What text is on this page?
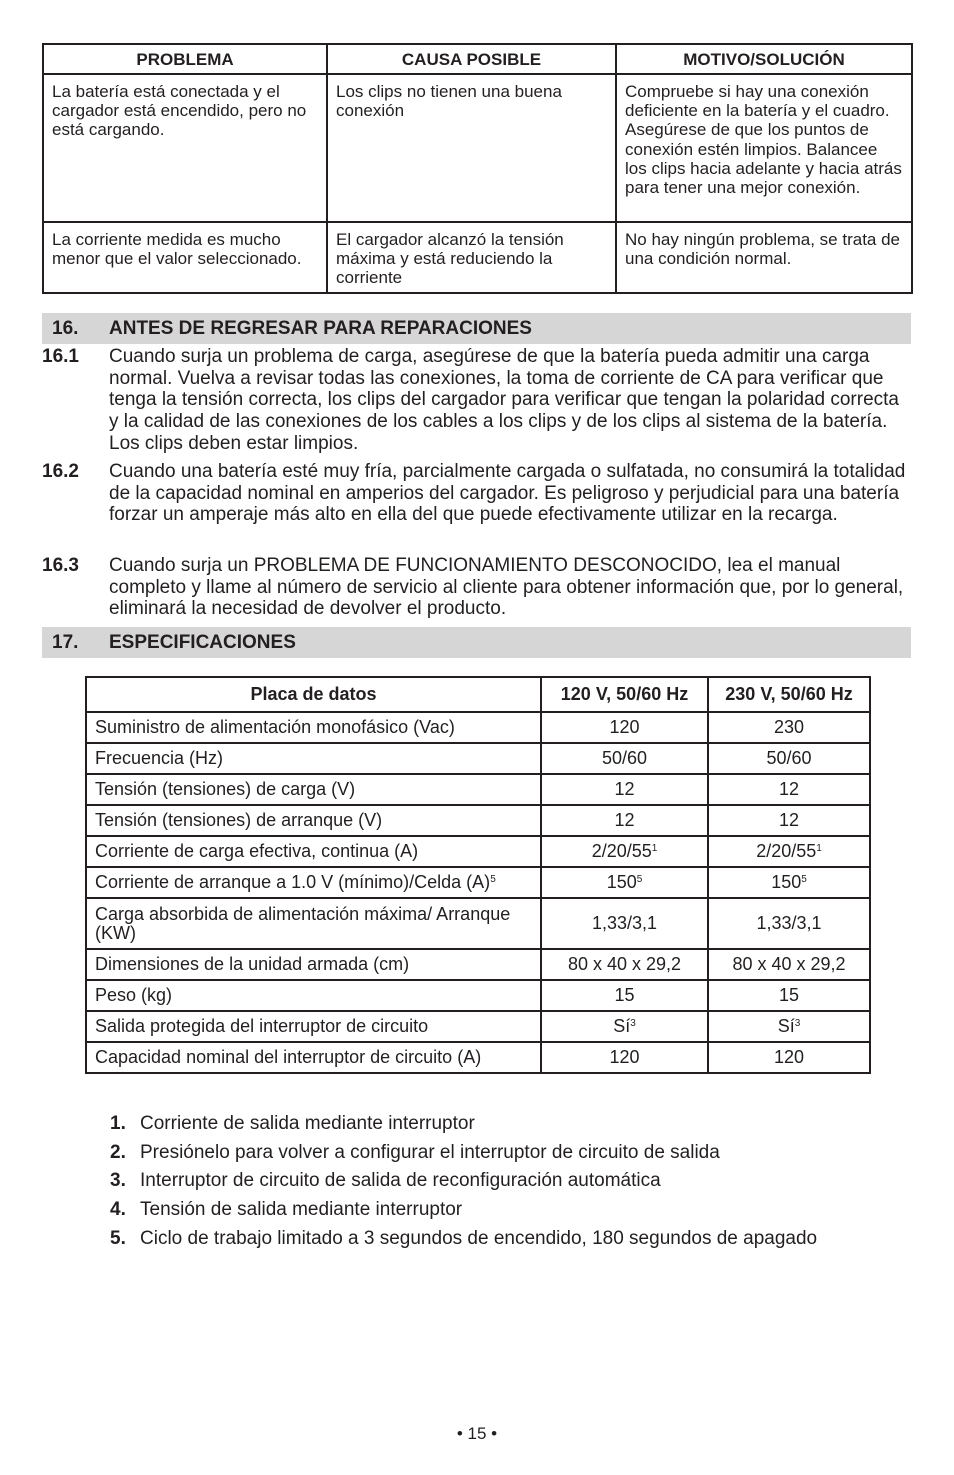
PROBLEMA	CAUSA POSIBLE	MOTIVO/SOLUCIÓN
La batería está conectada y el cargador está encendido, pero no está cargando.	Los clips no tienen una buena conexión	Compruebe si hay una conexión deficiente en la batería y el cuadro. Asegúrese de que los puntos de conexión estén limpios. Balancee los clips hacia adelante y hacia atrás para tener una mejor conexión.
La corriente medida es mucho menor que el valor seleccionado.	El cargador alcanzó la tensión máxima y está reduciendo la corriente	No hay ningún problema, se trata de una condición normal.
16. ANTES DE REGRESAR PARA REPARACIONES
16.1 Cuando surja un problema de carga, asegúrese de que la batería pueda admitir una carga normal. Vuelva a revisar todas las conexiones, la toma de corriente de CA para verificar que tenga la tensión correcta, los clips del cargador para verificar que tengan la polaridad correcta y la calidad de las conexiones de los cables a los clips y de los clips al sistema de la batería. Los clips deben estar limpios.
16.2 Cuando una batería esté muy fría, parcialmente cargada o sulfatada, no consumirá la totalidad de la capacidad nominal en amperios del cargador. Es peligroso y perjudicial para una batería forzar un amperaje más alto en ella del que puede efectivamente utilizar en la recarga.
16.3 Cuando surja un PROBLEMA DE FUNCIONAMIENTO DESCONOCIDO, lea el manual completo y llame al número de servicio al cliente para obtener información que, por lo general, eliminará la necesidad de devolver el producto.
17. ESPECIFICACIONES
Placa de datos	120 V, 50/60 Hz	230 V, 50/60 Hz
Suministro de alimentación monofásico (Vac)	120	230
Frecuencia (Hz)	50/60	50/60
Tensión (tensiones) de carga (V)	12	12
Tensión (tensiones) de arranque (V)	12	12
Corriente de carga efectiva, continua (A)	$2/20/55^1$	$2/20/55^1$
Corriente de arranque a 1.0 V (mínimo)/Celda $(A)^5$	$150^5$	$150^5$
Carga absorbida de alimentación máxima/ Arranque (KW)	1,33/3,1	1,33/3,1
Dimensiones de la unidad armada (cm)	80 x 40 x 29,2	80 x 40 x 29,2
Peso (kg)	15	15
Salida protegida del interruptor de circuito	$Sí^3$	$Sí^3$
Capacidad nominal del interruptor de circuito (A)	120	120
1. Corriente de salida mediante interruptor
2. Presiónelo para volver a configurar el interruptor de circuito de salida
3. Interruptor de circuito de salida de reconfiguración automática
4. Tensión de salida mediante interruptor
5. Ciclo de trabajo limitado a 3 segundos de encendido, 180 segundos de apagado
• 15 •
